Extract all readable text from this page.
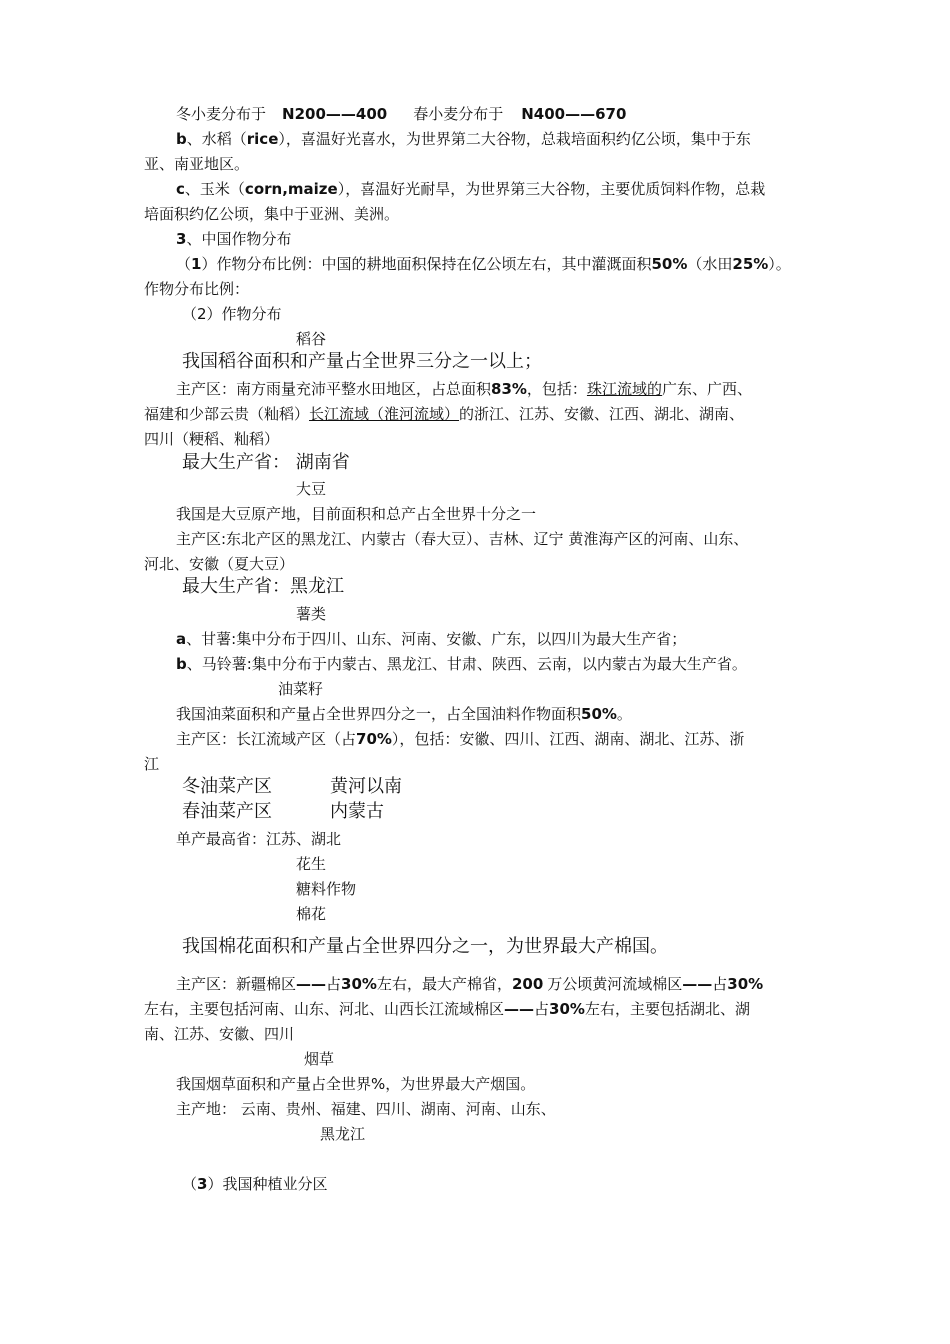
冬小麦分布于 N200——400 春小麦分布于 N400——670
b、水稻（rice），喜温好光喜水，为世界第二大谷物，总栽培面积约亿公顷，集中于东
亚、南亚地区。
c、玉米（corn,maize），喜温好光耐旱，为世界第三大谷物，主要优质饲料作物，总栽
培面积约亿公顷，集中于亚洲、美洲。
3、中国作物分布
（1）作物分布比例：中国的耕地面积保持在亿公顷左右，其中灌溉面积50%（水田25%）。
作物分布比例：
（2）作物分布
稻谷
我国稻谷面积和产量占全世界三分之一以上；
主产区：南方雨量充沛平整水田地区，占总面积83%，包括：珠江流域的广东、广西、
福建和少部云贵（籼稻）长江流域（淮河流域）的浙江、江苏、安徽、江西、湖北、湖南、
四川（粳稻、籼稻）
最大生产省： 湖南省
大豆
我国是大豆原产地，目前面积和总产占全世界十分之一
主产区:东北产区的黑龙江、内蒙古（春大豆）、吉林、辽宁 黄淮海产区的河南、山东、
河北、安徽（夏大豆）
最大生产省：黑龙江
薯类
a、甘薯:集中分布于四川、山东、河南、安徽、广东，以四川为最大生产省；
b、马铃薯:集中分布于内蒙古、黑龙江、甘肃、陕西、云南，以内蒙古为最大生产省。
油菜籽
我国油菜面积和产量占全世界四分之一，占全国油料作物面积50%。
主产区：长江流域产区（占70%），包括：安徽、四川、江西、湖南、湖北、江苏、浙
江
冬油菜产区	黄河以南
春油菜产区	内蒙古
单产最高省：江苏、湖北
花生
糖料作物
棉花
我国棉花面积和产量占全世界四分之一，为世界最大产棉国。
主产区：新疆棉区——占30%左右，最大产棉省，200 万公顷黄河流域棉区——占30%
左右，主要包括河南、山东、河北、山西长江流域棉区——占30%左右，主要包括湖北、湖
南、江苏、安徽、四川
烟草
我国烟草面积和产量占全世界%，为世界最大产烟国。
主产地： 云南、贵州、福建、四川、湖南、河南、山东、
黑龙江
（3）我国种植业分区
